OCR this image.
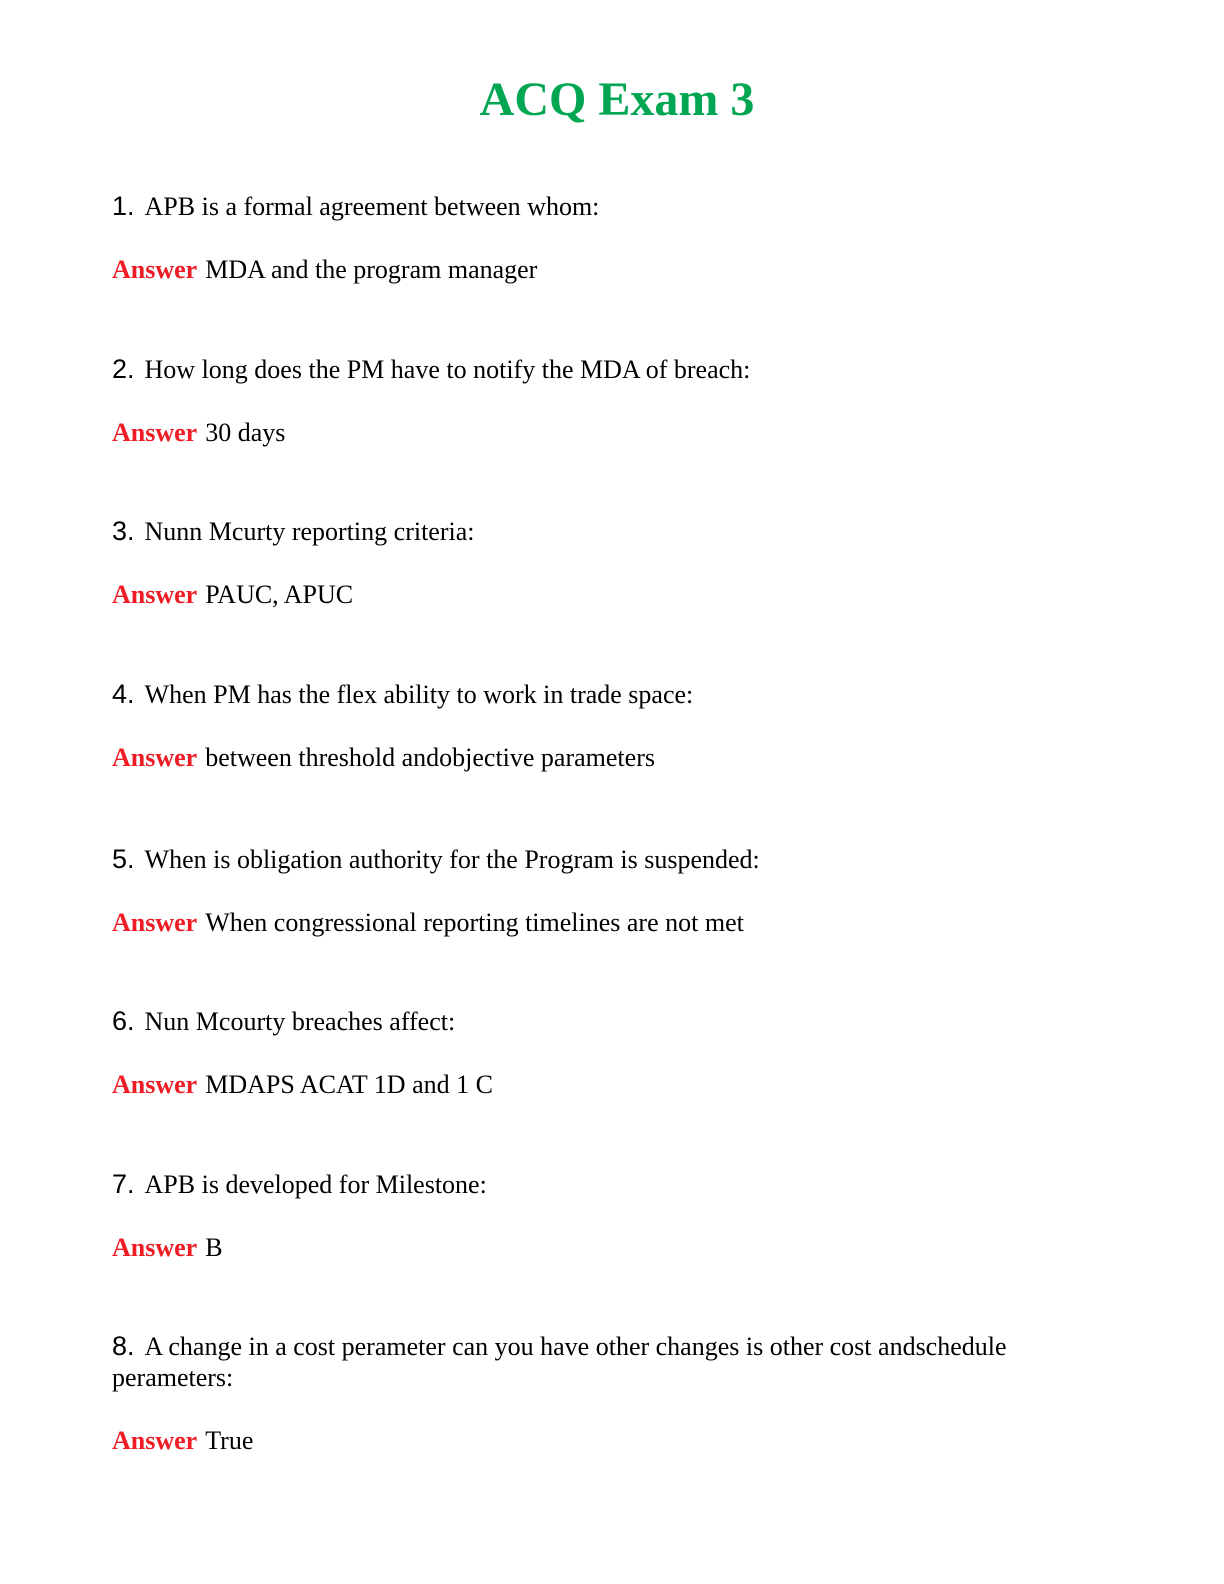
ACQ Exam 3

1. APB is a formal agreement between whom:

Answer MDA and the program manager

2. How long does the PM have to notify the MDA of breach:

Answer 30 days

3. Nunn Mcurty reporting criteria:

Answer PAUC, APUC

4. When PM has the flex ability to work in trade space:

Answer between threshold andobjective parameters

5. When is obligation authority for the Program is suspended:

Answer When congressional reporting timelines are not met

6. Nun Mcourty breaches affect:

Answer MDAPS ACAT 1D and 1 C

7. APB is developed for Milestone:

Answer B

8. A change in a cost perameter can you have other changes is other cost andschedule perameters:

Answer True
